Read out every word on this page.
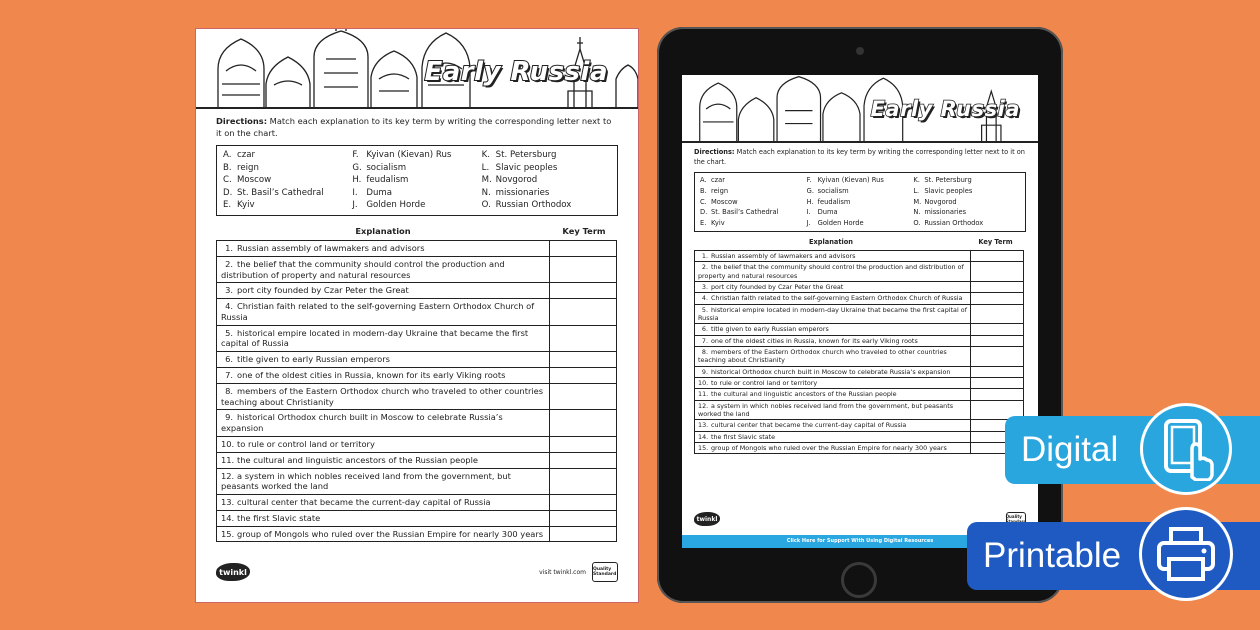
Early Russia
Directions: Match each explanation to its key term by writing the corresponding letter next to it on the chart.
A. czar
B. reign
C. Moscow
D. St. Basil’s Cathedral
E. Kyiv
F. Kyivan (Kievan) Rus
G. socialism
H. feudalism
I. Duma
J. Golden Horde
K. St. Petersburg
L. Slavic peoples
M. Novgorod
N. missionaries
O. Russian Orthodox
Explanation	Key Term
1. Russian assembly of lawmakers and advisors	
2. the belief that the community should control the production and distribution of property and natural resources	
3. port city founded by Czar Peter the Great	
4. Christian faith related to the self-governing Eastern Orthodox Church of Russia	
5. historical empire located in modern-day Ukraine that became the first capital of Russia	
6. title given to early Russian emperors	
7. one of the oldest cities in Russia, known for its early Viking roots	
8. members of the Eastern Orthodox church who traveled to other countries teaching about Christianity	
9. historical Orthodox church built in Moscow to celebrate Russia’s expansion	
10. to rule or control land or territory	
11. the cultural and linguistic ancestors of the Russian people	
12. a system in which nobles received land from the government, but peasants worked the land	
13. cultural center that became the current-day capital of Russia	
14. the first Slavic state	
15. group of Mongols who ruled over the Russian Empire for nearly 300 years	
twinkl	visit twinkl.com Quality Standard
Early Russia
Directions: Match each explanation to its key term by writing the corresponding letter next to it on the chart.
A. czar
B. reign
C. Moscow
D. St. Basil’s Cathedral
E. Kyiv
F. Kyivan (Kievan) Rus
G. socialism
H. feudalism
I. Duma
J. Golden Horde
K. St. Petersburg
L. Slavic peoples
M. Novgorod
N. missionaries
O. Russian Orthodox
Explanation	Key Term
1. Russian assembly of lawmakers and advisors	
2. the belief that the community should control the production and distribution of property and natural resources	
3. port city founded by Czar Peter the Great	
4. Christian faith related to the self-governing Eastern Orthodox Church of Russia	
5. historical empire located in modern-day Ukraine that became the first capital of Russia	
6. title given to early Russian emperors	
7. one of the oldest cities in Russia, known for its early Viking roots	
8. members of the Eastern Orthodox church who traveled to other countries teaching about Christianity	
9. historical Orthodox church built in Moscow to celebrate Russia’s expansion	
10. to rule or control land or territory	
11. the cultural and linguistic ancestors of the Russian people	
12. a system in which nobles received land from the government, but peasants worked the land	
13. cultural center that became the current-day capital of Russia	
14. the first Slavic state	
15. group of Mongols who ruled over the Russian Empire for nearly 300 years	
twinkl	Quality
Click Here for Support With Using Digital Resources
Digital
Printable
